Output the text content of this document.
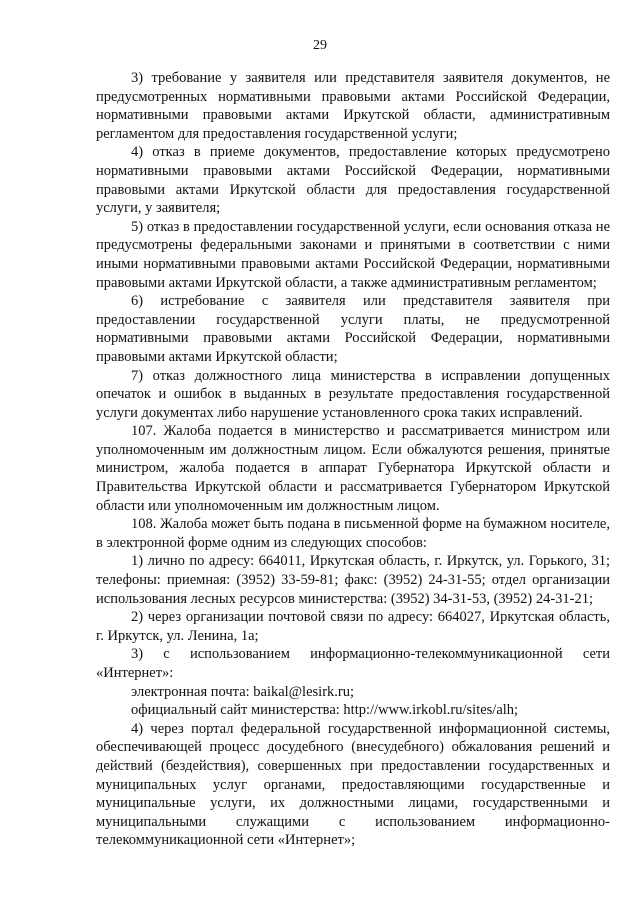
29

3) требование у заявителя или представителя заявителя документов, не предусмотренных нормативными правовыми актами Российской Федерации, нормативными правовыми актами Иркутской области, административным регламентом для предоставления государственной услуги;

4) отказ в приеме документов, предоставление которых предусмотрено нормативными правовыми актами Российской Федерации, нормативными правовыми актами Иркутской области для предоставления государственной услуги, у заявителя;

5) отказ в предоставлении государственной услуги, если основания отказа не предусмотрены федеральными законами и принятыми в соответствии с ними иными нормативными правовыми актами Российской Федерации, нормативными правовыми актами Иркутской области, а также административным регламентом;

6) истребование с заявителя или представителя заявителя при предоставлении государственной услуги платы, не предусмотренной нормативными правовыми актами Российской Федерации, нормативными правовыми актами Иркутской области;

7) отказ должностного лица министерства в исправлении допущенных опечаток и ошибок в выданных в результате предоставления государственной услуги документах либо нарушение установленного срока таких исправлений.

107. Жалоба подается в министерство и рассматривается министром или уполномоченным им должностным лицом. Если обжалуются решения, принятые министром, жалоба подается в аппарат Губернатора Иркутской области и Правительства Иркутской области и рассматривается Губернатором Иркутской области или уполномоченным им должностным лицом.

108. Жалоба может быть подана в письменной форме на бумажном носителе, в электронной форме одним из следующих способов:

1) лично по адресу: 664011, Иркутская область, г. Иркутск, ул. Горького, 31; телефоны: приемная: (3952) 33-59-81; факс: (3952) 24-31-55; отдел организации использования лесных ресурсов министерства: (3952) 34-31-53, (3952) 24-31-21;

2) через организации почтовой связи по адресу: 664027, Иркутская область, г. Иркутск, ул. Ленина, 1а;

3) с использованием информационно-телекоммуникационной сети «Интернет»:

электронная почта: baikal@lesirk.ru;

официальный сайт министерства: http://www.irkobl.ru/sites/alh;

4) через портал федеральной государственной информационной системы, обеспечивающей процесс досудебного (внесудебного) обжалования решений и действий (бездействия), совершенных при предоставлении государственных и муниципальных услуг органами, предоставляющими государственные и муниципальные услуги, их должностными лицами, государственными и муниципальными служащими с использованием информационно-телекоммуникационной сети «Интернет»;
